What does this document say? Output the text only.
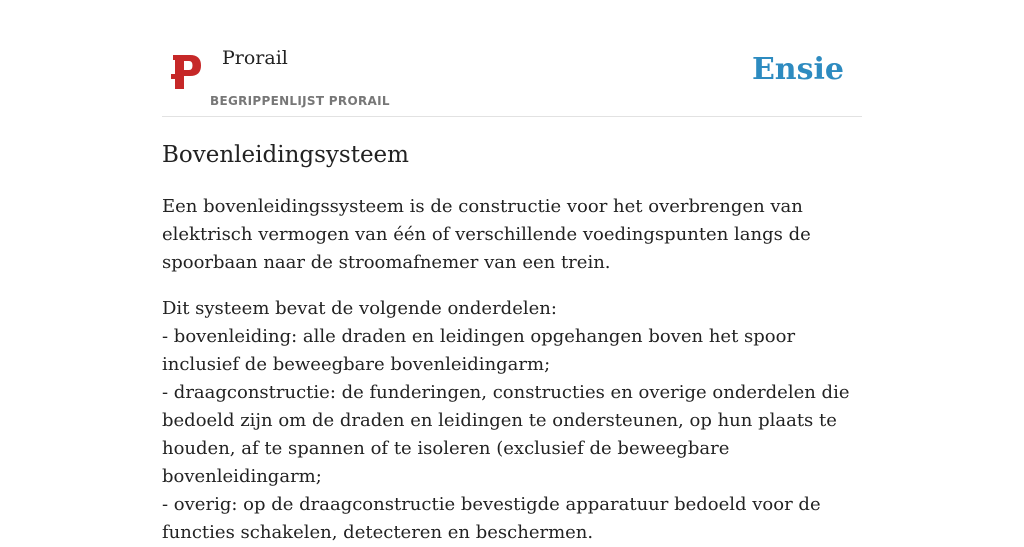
Prorail
BEGRIPPENLIJST PRORAIL
Ensie
Bovenleidingsysteem

Een bovenleidingssysteem is de constructie voor het overbrengen van elektrisch vermogen van één of verschillende voedingspunten langs de spoorbaan naar de stroomafnemer van een trein.

Dit systeem bevat de volgende onderdelen:
- bovenleiding: alle draden en leidingen opgehangen boven het spoor inclusief de beweegbare bovenleidingarm;
- draagconstructie: de funderingen, constructies en overige onderdelen die bedoeld zijn om de draden en leidingen te ondersteunen, op hun plaats te houden, af te spannen of te isoleren (exclusief de beweegbare bovenleidingarm;
- overig: op de draagconstructie bevestigde apparatuur bedoeld voor de functies schakelen, detecteren en beschermen.
